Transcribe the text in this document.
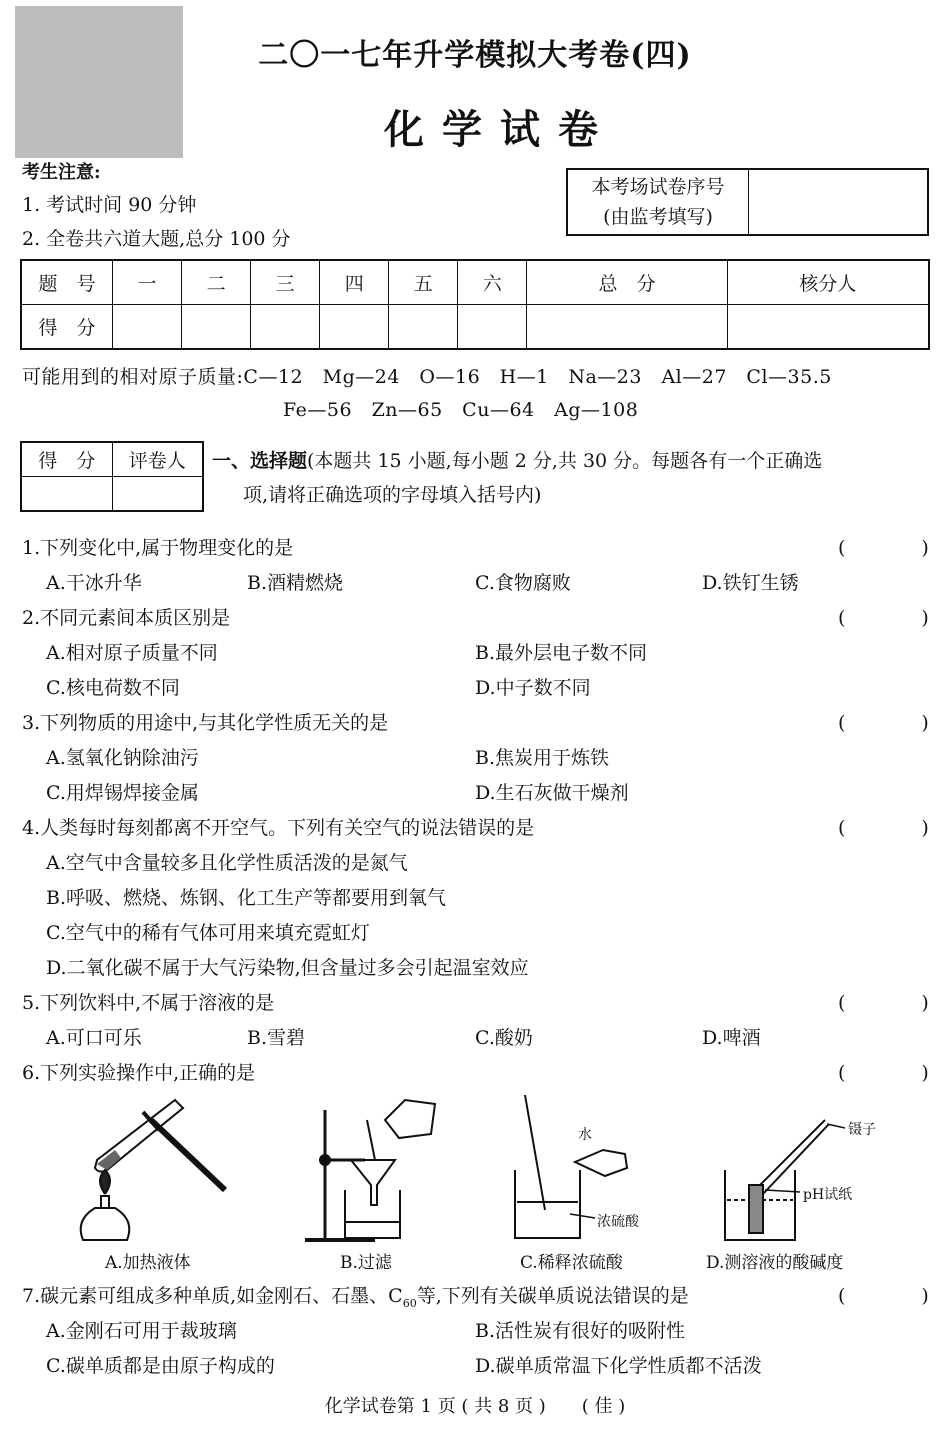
二〇一七年升学模拟大考卷(四)
化学试卷
考生注意:
1. 考试时间 90 分钟
2. 全卷共六道大题,总分 100 分
本考场试卷序号
(由监考填写)
题　号	一	二	三	四	五	六	总　分	核分人
得　分								
可能用到的相对原子质量:C—12　Mg—24　O—16　H—1　Na—23　Al—27　Cl—35.5
Fe—56　Zn—65　Cu—64　Ag—108
得　分	评卷人
	一、选择题(本题共 15 小题,每小题 2 分,共 30 分。每题各有一个正确选
项,请将正确选项的字母填入括号内)
1.下列变化中,属于物理变化的是	(　　　　)
A.干冰升华	B.酒精燃烧	C.食物腐败	D.铁钉生锈
2.不同元素间本质区别是	(　　　　)
A.相对原子质量不同	B.最外层电子数不同
C.核电荷数不同	D.中子数不同
3.下列物质的用途中,与其化学性质无关的是	(　　　　)
A.氢氧化钠除油污	B.焦炭用于炼铁
C.用焊锡焊接金属	D.生石灰做干燥剂
4.人类每时每刻都离不开空气。下列有关空气的说法错误的是	(　　　　)
A.空气中含量较多且化学性质活泼的是氮气
B.呼吸、燃烧、炼钢、化工生产等都要用到氧气
C.空气中的稀有气体可用来填充霓虹灯
D.二氧化碳不属于大气污染物,但含量过多会引起温室效应
5.下列饮料中,不属于溶液的是	(　　　　)
A.可口可乐	B.雪碧	C.酸奶	D.啤酒
6.下列实验操作中,正确的是	(　　　　)
水
浓硫酸
镊子
pH试纸
A.加热液体	B.过滤	C.稀释浓硫酸	D.测溶液的酸碱度
7.碳元素可组成多种单质,如金刚石、石墨、$C_{60}$等,下列有关碳单质说法错误的是	(　　　　)
A.金刚石可用于裁玻璃	B.活性炭有很好的吸附性
C.碳单质都是由原子构成的	D.碳单质常温下化学性质都不活泼
化学试卷第 1 页 ( 共 8 页 )　　( 佳 )
